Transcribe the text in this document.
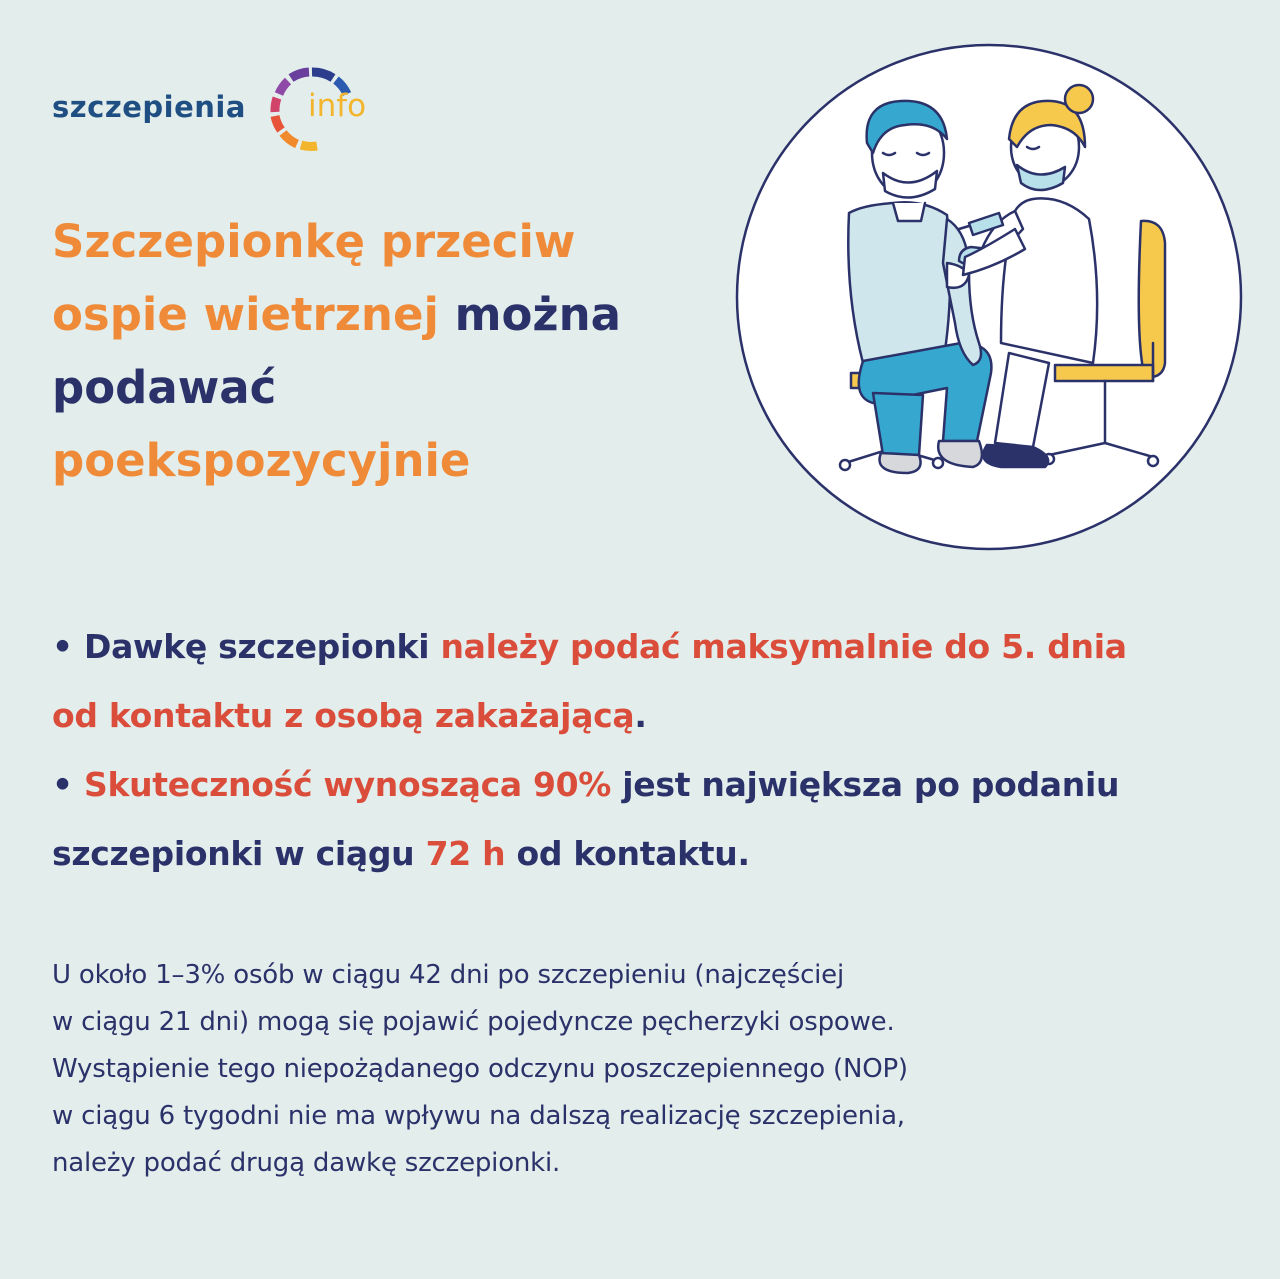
szczepienia info
Szczepionkę przeciw
ospie wietrznej można
podawać
poekspozycyjnie
• Dawkę szczepionki należy podać maksymalnie do 5. dnia
od kontaktu z osobą zakażającą.
• Skuteczność wynosząca 90% jest największa po podaniu
szczepionki w ciągu 72 h od kontaktu.
U około 1–3% osób w ciągu 42 dni po szczepieniu (najczęściej
w ciągu 21 dni) mogą się pojawić pojedyncze pęcherzyki ospowe.
Wystąpienie tego niepożądanego odczynu poszczepiennego (NOP)
w ciągu 6 tygodni nie ma wpływu na dalszą realizację szczepienia,
należy podać drugą dawkę szczepionki.
